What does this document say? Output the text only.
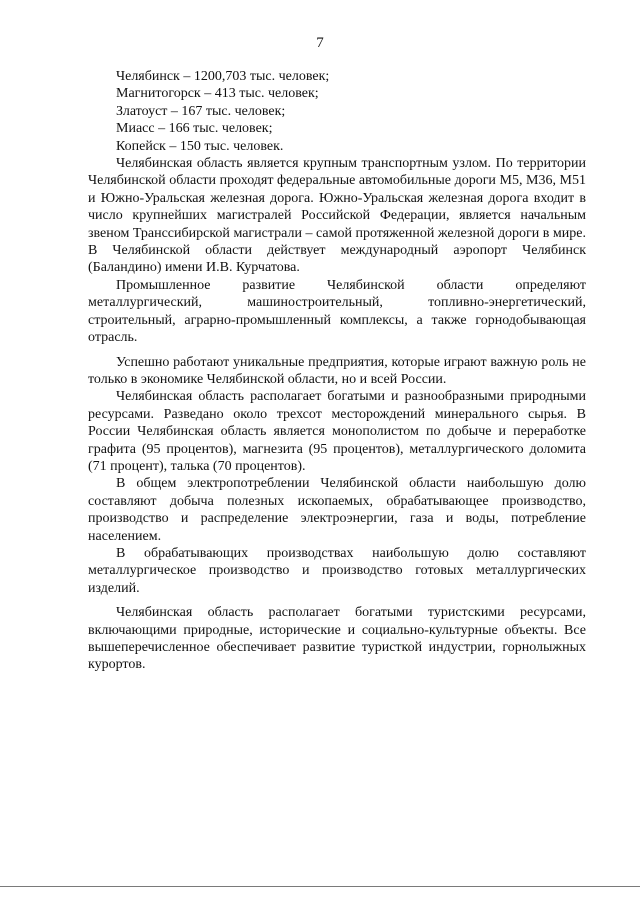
7
Челябинск – 1200,703 тыс. человек;
Магнитогорск – 413 тыс. человек;
Златоуст – 167 тыс. человек;
Миасс – 166 тыс. человек;
Копейск – 150 тыс. человек.

Челябинская область является крупным транспортным узлом. По территории Челябинской области проходят федеральные автомобильные дороги М5, М36, М51 и Южно-Уральская железная дорога. Южно-Уральская железная дорога входит в число крупнейших магистралей Российской Федерации, является начальным звеном Транссибирской магистрали – самой протяженной железной дороги в мире. В Челябинской области действует международный аэропорт Челябинск (Баландино) имени И.В. Курчатова.

Промышленное развитие Челябинской области определяют металлургический, машиностроительный, топливно-энергетический, строительный, аграрно-промышленный комплексы, а также горнодобывающая отрасль.

Успешно работают уникальные предприятия, которые играют важную роль не только в экономике Челябинской области, но и всей России.

Челябинская область располагает богатыми и разнообразными природными ресурсами. Разведано около трехсот месторождений минерального сырья. В России Челябинская область является монополистом по добыче и переработке графита (95 процентов), магнезита (95 процентов), металлургического доломита (71 процент), талька (70 процентов).

В общем электропотреблении Челябинской области наибольшую долю составляют добыча полезных ископаемых, обрабатывающее производство, производство и распределение электроэнергии, газа и воды, потребление населением.

В обрабатывающих производствах наибольшую долю составляют металлургическое производство и производство готовых металлургических изделий.

Челябинская область располагает богатыми туристскими ресурсами, включающими природные, исторические и социально-культурные объекты. Все вышеперечисленное обеспечивает развитие туристкой индустрии, горнолыжных курортов.
